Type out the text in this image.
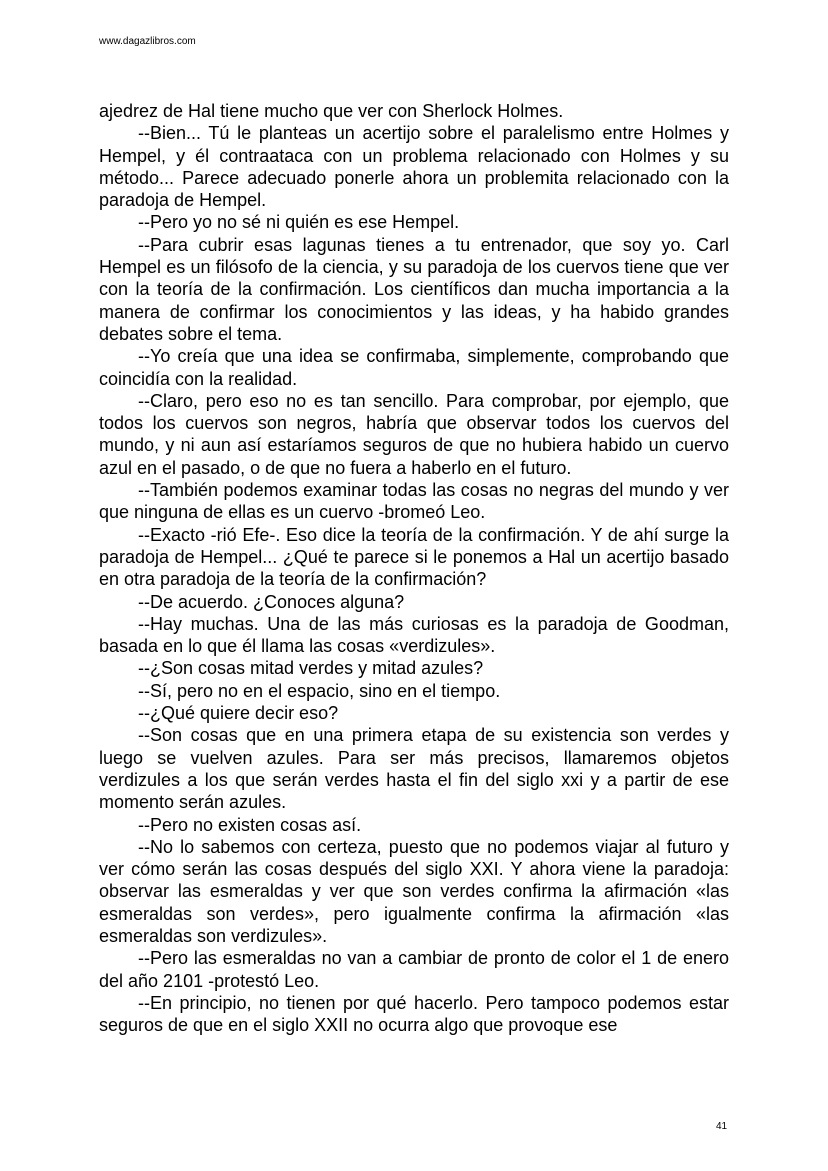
www.dagazlibros.com

ajedrez de Hal tiene mucho que ver con Sherlock Holmes.

--Bien... Tú le planteas un acertijo sobre el paralelismo entre Holmes y Hempel, y él contraataca con un problema relacionado con Holmes y su método... Parece adecuado ponerle ahora un problemita relacionado con la paradoja de Hempel.

--Pero yo no sé ni quién es ese Hempel.

--Para cubrir esas lagunas tienes a tu entrenador, que soy yo. Carl Hempel es un filósofo de la ciencia, y su paradoja de los cuervos tiene que ver con la teoría de la confirmación. Los científicos dan mucha importancia a la manera de confirmar los conocimientos y las ideas, y ha habido grandes debates sobre el tema.

--Yo creía que una idea se confirmaba, simplemente, comprobando que coincidía con la realidad.

--Claro, pero eso no es tan sencillo. Para comprobar, por ejemplo, que todos los cuervos son negros, habría que observar todos los cuervos del mundo, y ni aun así estaríamos seguros de que no hubiera habido un cuervo azul en el pasado, o de que no fuera a haberlo en el futuro.

--También podemos examinar todas las cosas no negras del mundo y ver que ninguna de ellas es un cuervo -bromeó Leo.

--Exacto -rió Efe-. Eso dice la teoría de la confirmación. Y de ahí surge la paradoja de Hempel... ¿Qué te parece si le ponemos a Hal un acertijo basado en otra paradoja de la teoría de la confirmación?

--De acuerdo. ¿Conoces alguna?

--Hay muchas. Una de las más curiosas es la paradoja de Goodman, basada en lo que él llama las cosas «verdizules».

--¿Son cosas mitad verdes y mitad azules?

--Sí, pero no en el espacio, sino en el tiempo.

--¿Qué quiere decir eso?

--Son cosas que en una primera etapa de su existencia son verdes y luego se vuelven azules. Para ser más precisos, llamaremos objetos verdizules a los que serán verdes hasta el fin del siglo xxi y a partir de ese momento serán azules.

--Pero no existen cosas así.

--No lo sabemos con certeza, puesto que no podemos viajar al futuro y ver cómo serán las cosas después del siglo XXI. Y ahora viene la paradoja: observar las esmeraldas y ver que son verdes confirma la afirmación «las esmeraldas son verdes», pero igualmente confirma la afirmación «las esmeraldas son verdizules».

--Pero las esmeraldas no van a cambiar de pronto de color el 1 de enero del año 2101 -protestó Leo.

--En principio, no tienen por qué hacerlo. Pero tampoco podemos estar seguros de que en el siglo XXII no ocurra algo que provoque ese

41
